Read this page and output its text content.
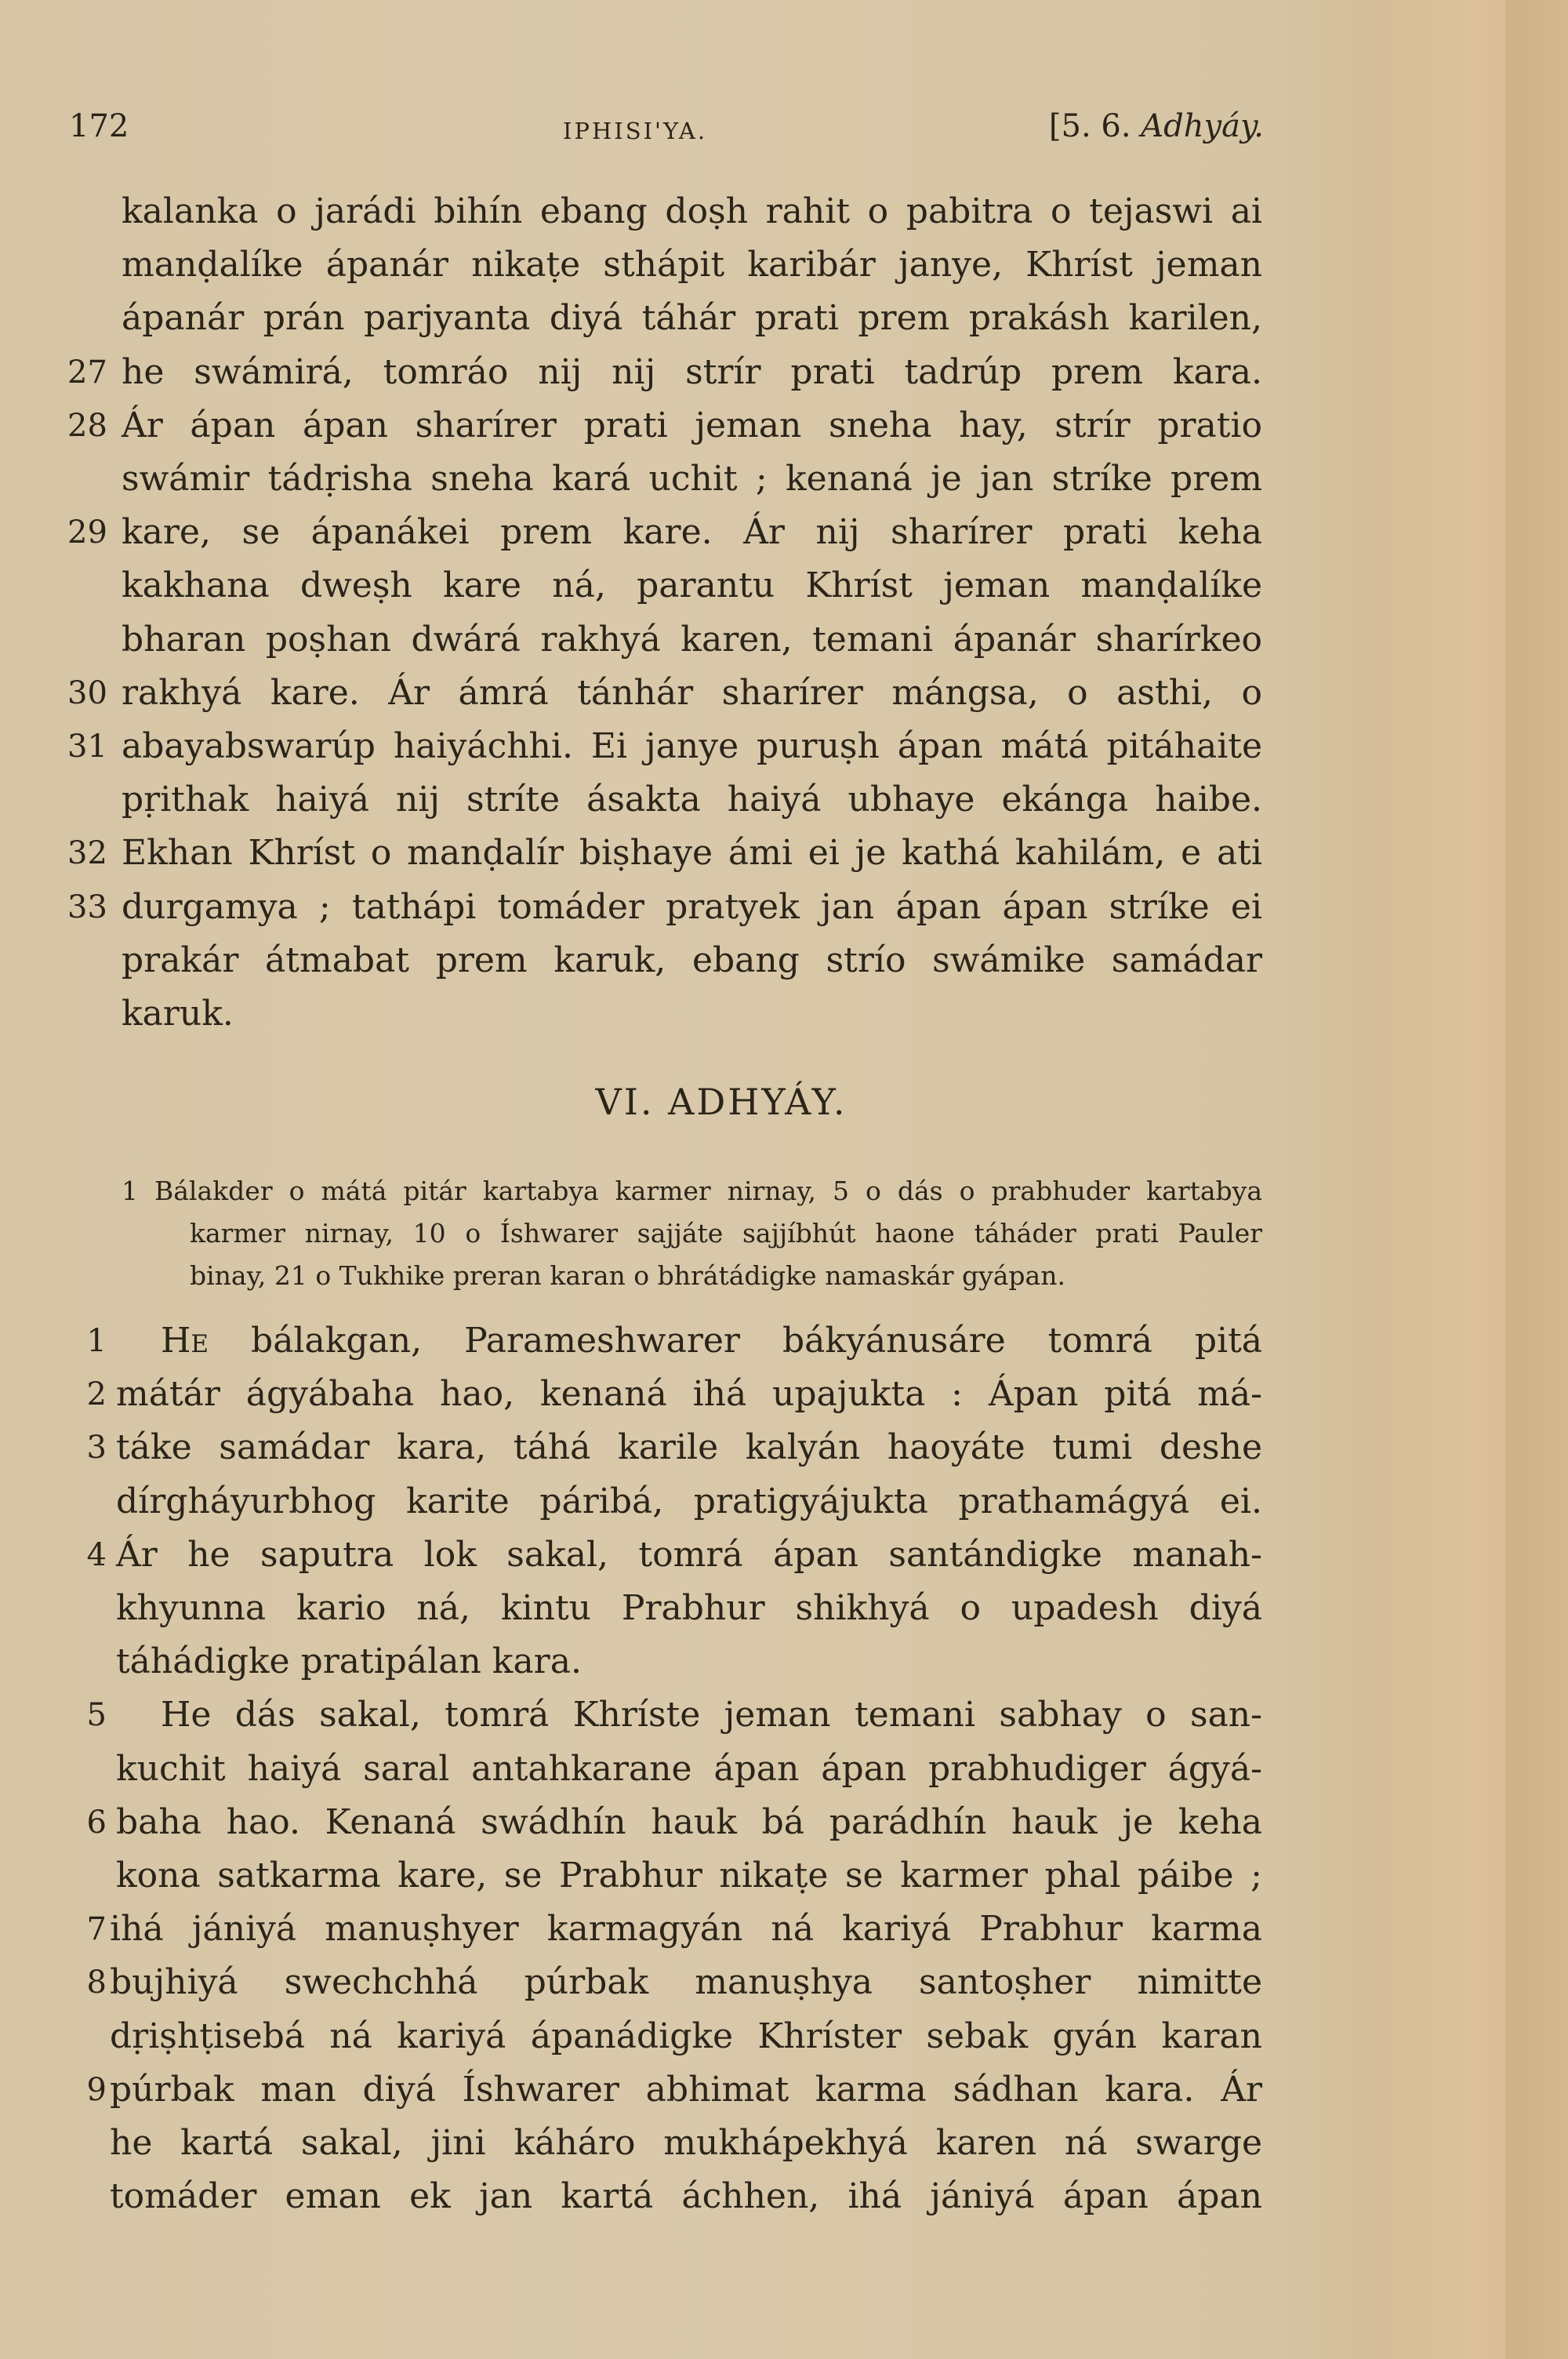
172	IPHISI'YA.	[5. 6. Adhyáy.
kalanka o jarádi bihín ebang doṣh rahit o pabitra o tejaswi ai
manḍalíke ápanár nikaṭe sthápit karibár janye, Khríst jeman
ápanár prán parjyanta diyá táhár prati prem prakásh karilen,
27 he swámirá, tomráo nij nij strír prati tadrúp prem kara.
28 Ár ápan ápan sharírer prati jeman sneha hay, strír pratio
swámir tádṛisha sneha kará uchit ; kenaná je jan stríke prem
29 kare, se ápanákei prem kare. Ár nij sharírer prati keha
kakhana dweṣh kare ná, parantu Khríst jeman manḍalíke
bharan poṣhan dwárá rakhyá karen, temani ápanár sharírkeo
30 rakhyá kare. Ár ámrá tánhár sharírer mángsa, o asthi, o
31 abayabswarúp haiyáchhi. Ei janye puruṣh ápan mátá pitáhaite
pṛithak haiyá nij stríte ásakta haiyá ubhaye ekánga haibe.
32 Ekhan Khríst o manḍalír biṣhaye ámi ei je kathá kahilám, e ati
33 durgamya ; tathápi tomáder pratyek jan ápan ápan stríke ei
prakár átmabat prem karuk, ebang strío swámike samádar
karuk.
VI. ADHYÁY.
1 Bálakder o mátá pitár kartabya karmer nirnay, 5 o dás o prabhuder kartabya
karmer nirnay, 10 o Íshwarer sajjáte sajjíbhút haone táháder prati Pauler
binay, 21 o Tukhike preran karan o bhrátádigke namaskár gyápan.
1 He bálakgan, Parameshwarer bákyánusáre tomrá pitá
2 mátár ágyábaha hao, kenaná ihá upajukta : Ápan pitá má-
3 táke samádar kara, táhá karile kalyán haoyáte tumi deshe
dírgháyurbhog karite páribá, pratigyájukta prathamágyá ei.
4 Ár he saputra lok sakal, tomrá ápan santándigke manah-
khyunna kario ná, kintu Prabhur shikhyá o upadesh diyá
táhádigke pratipálan kara.
5 He dás sakal, tomrá Khríste jeman temani sabhay o san-
kuchit haiyá saral antahkarane ápan ápan prabhudiger ágyá-
6 baha hao. Kenaná swádhín hauk bá parádhín hauk je keha
kona satkarma kare, se Prabhur nikaṭe se karmer phal páibe ;
7 ihá jániyá manuṣhyer karmagyán ná kariyá Prabhur karma
8 bujhiyá swechchhá púrbak manuṣhya santoṣher nimitte
dṛiṣhṭisebá ná kariyá ápanádigke Khríster sebak gyán karan
9 púrbak man diyá Íshwarer abhimat karma sádhan kara. Ár
he kartá sakal, jini káháro mukhápekhyá karen ná swarge
tomáder eman ek jan kartá áchhen, ihá jániyá ápan ápan
